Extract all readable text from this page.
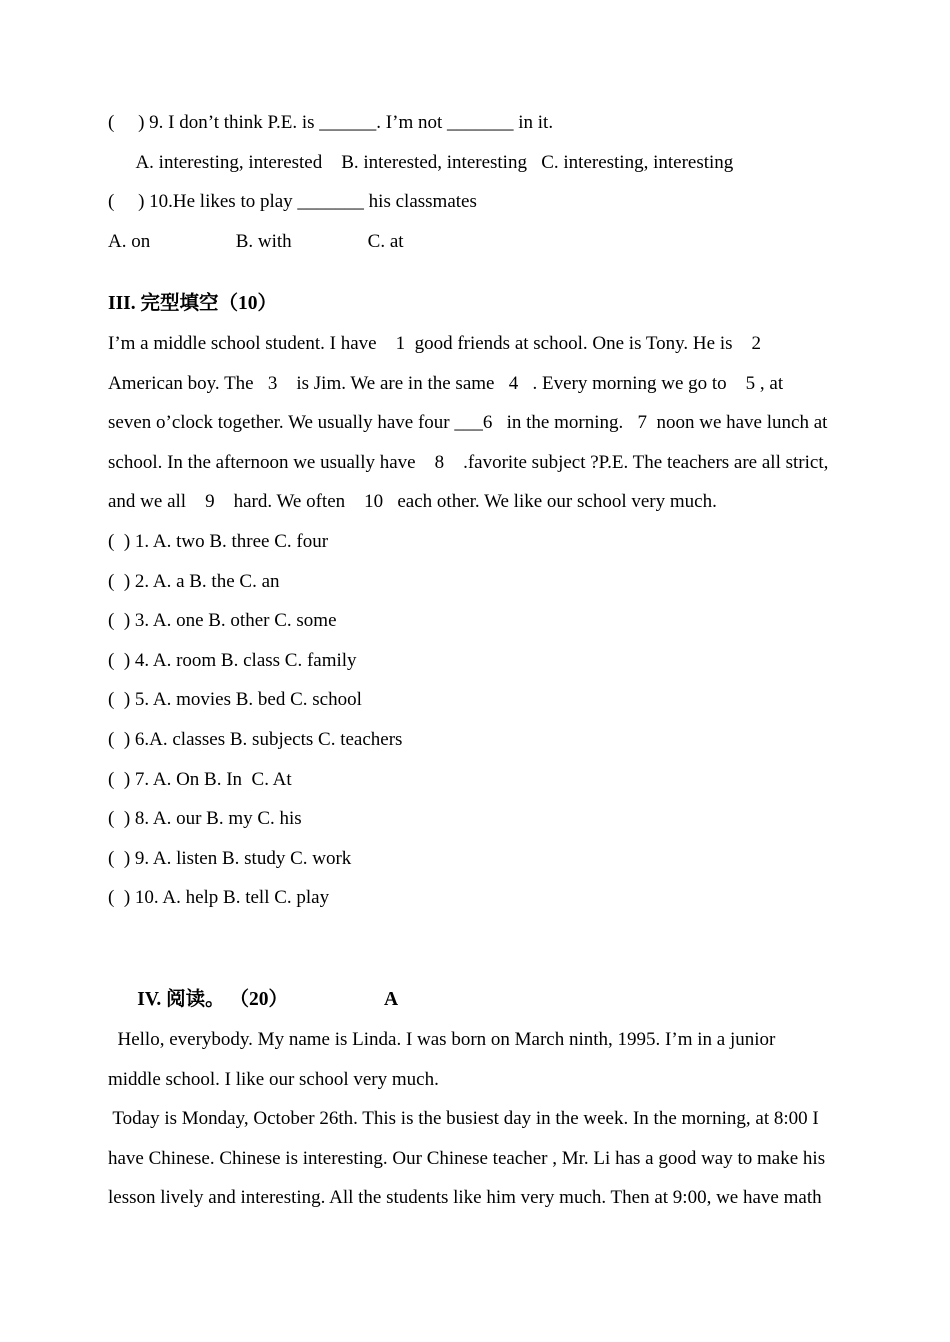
(     ) 9. I don’t think P.E. is ______. I’m not _______ in it.
A. interesting, interested    B. interested, interesting   C. interesting, interesting
(     ) 10.He likes to play _______ his classmates
A. on                  B. with                C. at
III. 完型填空（10）
I’m a middle school student. I have    1  good friends at school. One is Tony. He is    2
American boy. The   3    is Jim. We are in the same   4   . Every morning we go to    5 , at
seven o’clock together. We usually have four ___6   in the morning.   7  noon we have lunch at
school. In the afternoon we usually have    8    .favorite subject ?P.E. The teachers are all strict,
and we all    9    hard. We often    10   each other. We like our school very much.
(  ) 1. A. two B. three C. four
(  ) 2. A. a B. the C. an
(  ) 3. A. one B. other C. some
(  ) 4. A. room B. class C. family
(  ) 5. A. movies B. bed C. school
(  ) 6.A. classes B. subjects C. teachers
(  ) 7. A. On B. In  C. At
(  ) 8. A. our B. my C. his
(  ) 9. A. listen B. study C. work
(  ) 10. A. help B. tell C. play

IV. 阅读。 （20）	A

Hello, everybody. My name is Linda. I was born on March ninth, 1995. I’m in a junior
middle school. I like our school very much.
Today is Monday, October 26th. This is the busiest day in the week. In the morning, at 8:00 I
have Chinese. Chinese is interesting. Our Chinese teacher , Mr. Li has a good way to make his
lesson lively and interesting. All the students like him very much. Then at 9:00, we have math
